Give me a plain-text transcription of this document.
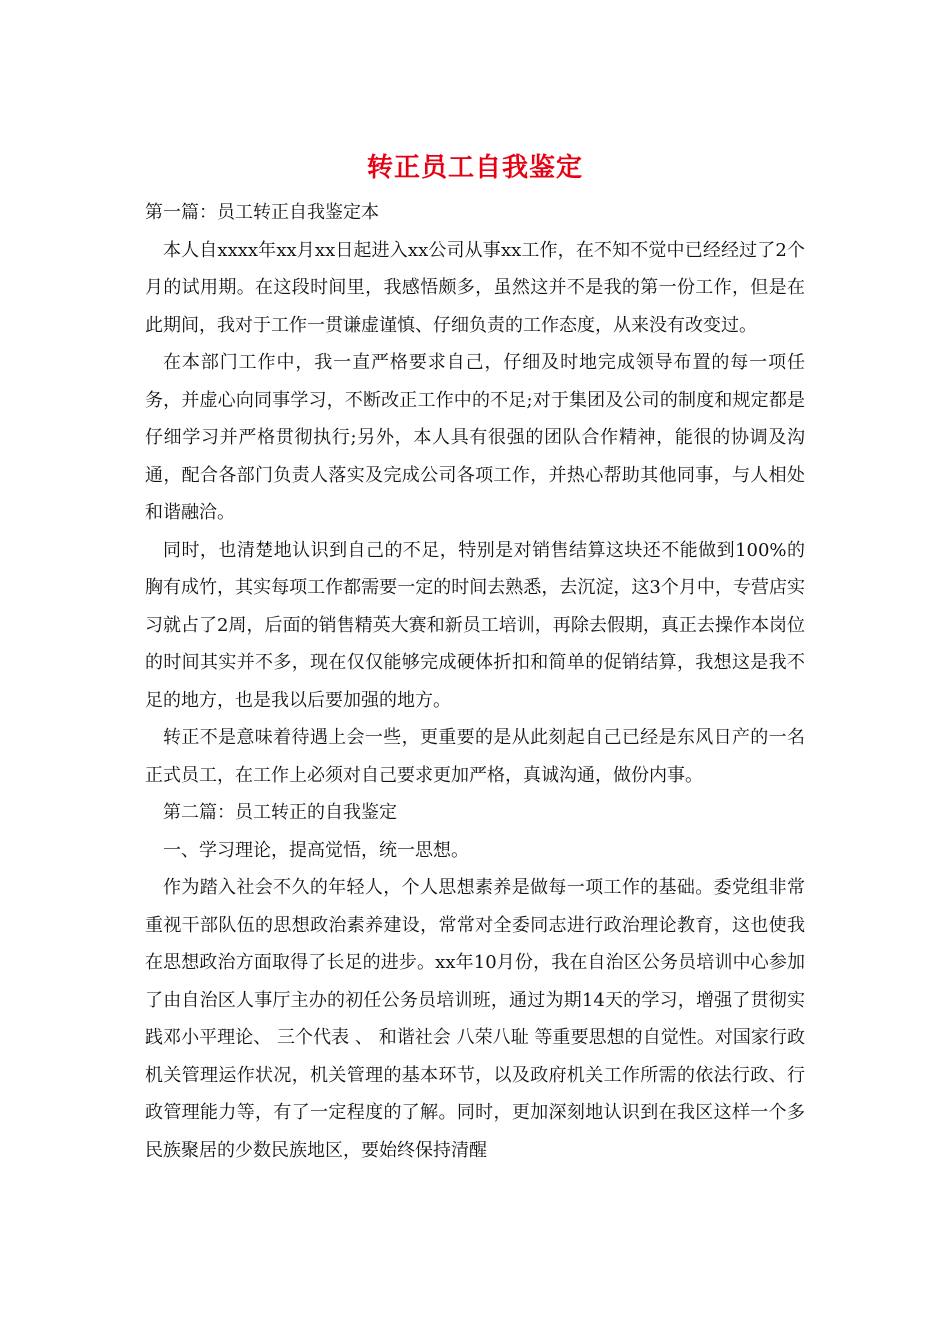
转正员工自我鉴定

第一篇：员工转正自我鉴定本

本人自xxxx年xx月xx日起进入xx公司从事xx工作，在不知不觉中已经经过了2个月的试用期。在这段时间里，我感悟颇多，虽然这并不是我的第一份工作，但是在此期间，我对于工作一贯谦虚谨慎、仔细负责的工作态度，从来没有改变过。

在本部门工作中，我一直严格要求自己，仔细及时地完成领导布置的每一项任务，并虚心向同事学习，不断改正工作中的不足;对于集团及公司的制度和规定都是仔细学习并严格贯彻执行;另外，本人具有很强的团队合作精神，能很的协调及沟通，配合各部门负责人落实及完成公司各项工作，并热心帮助其他同事，与人相处和谐融洽。

同时，也清楚地认识到自己的不足，特别是对销售结算这块还不能做到100%的胸有成竹，其实每项工作都需要一定的时间去熟悉，去沉淀，这3个月中，专营店实习就占了2周，后面的销售精英大赛和新员工培训，再除去假期，真正去操作本岗位的时间其实并不多，现在仅仅能够完成硬体折扣和简单的促销结算，我想这是我不足的地方，也是我以后要加强的地方。

转正不是意味着待遇上会一些，更重要的是从此刻起自己已经是东风日产的一名正式员工，在工作上必须对自己要求更加严格，真诚沟通，做份内事。

第二篇：员工转正的自我鉴定

一、学习理论，提高觉悟，统一思想。

作为踏入社会不久的年轻人，个人思想素养是做每一项工作的基础。委党组非常重视干部队伍的思想政治素养建设，常常对全委同志进行政治理论教育，这也使我在思想政治方面取得了长足的进步。xx年10月份，我在自治区公务员培训中心参加了由自治区人事厅主办的初任公务员培训班，通过为期14天的学习，增强了贯彻实践邓小平理论、 三个代表 、 和谐社会 八荣八耻 等重要思想的自觉性。对国家行政机关管理运作状况，机关管理的基本环节，以及政府机关工作所需的依法行政、行政管理能力等，有了一定程度的了解。同时，更加深刻地认识到在我区这样一个多民族聚居的少数民族地区，要始终保持清醒
